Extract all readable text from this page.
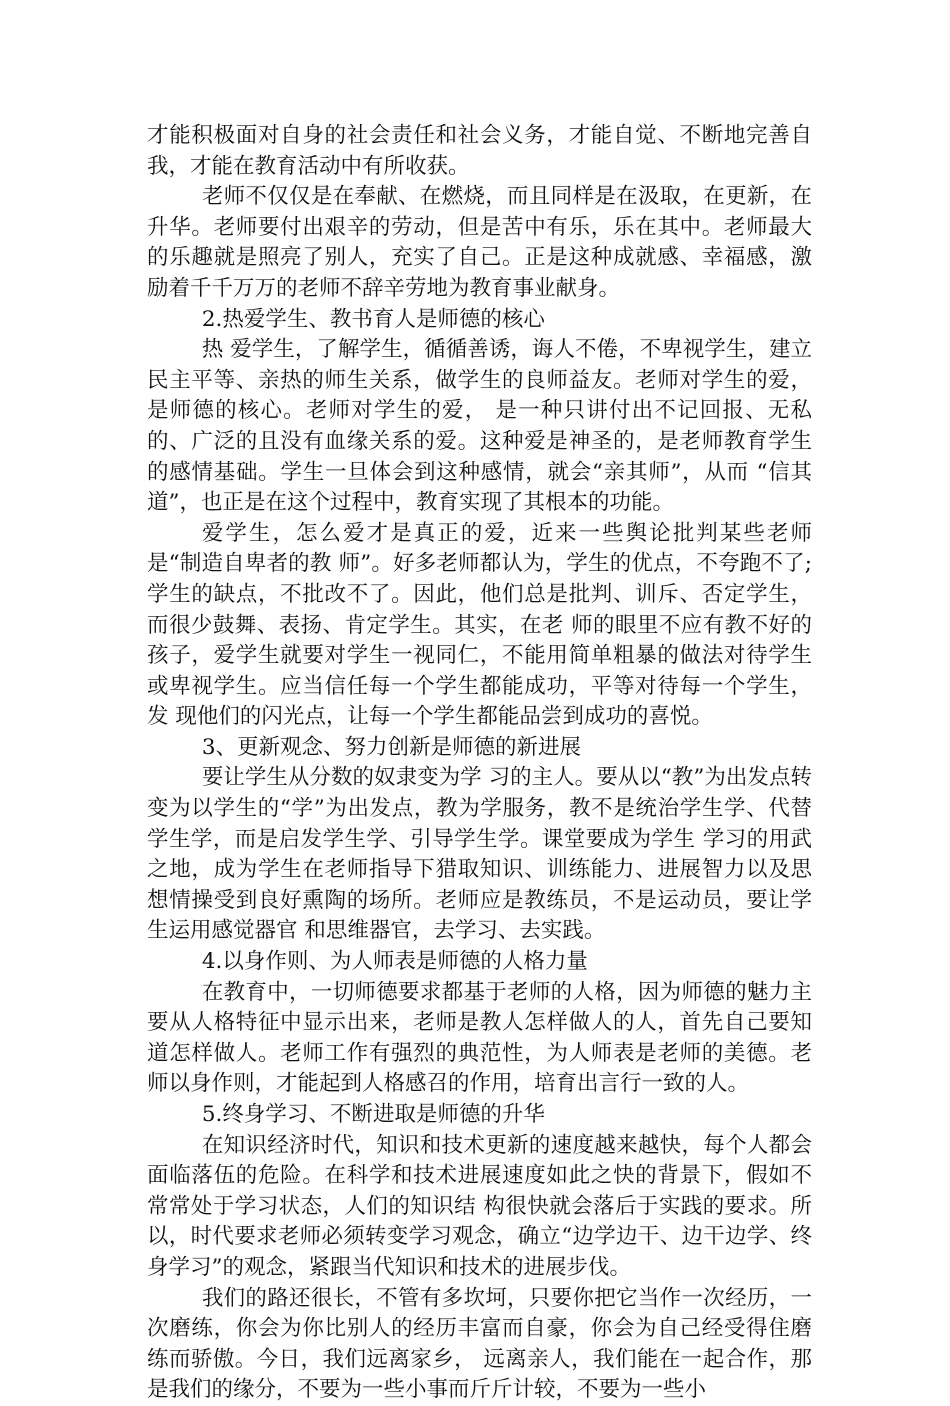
才能积极面对自身的社会责任和社会义务，才能自觉、不断地完善自我，才能在教育活动中有所收获。

老师不仅仅是在奉献、在燃烧，而且同样是在汲取，在更新，在升华。老师要付出艰辛的劳动，但是苦中有乐，乐在其中。老师最大的乐趣就是照亮了别人，充实了自己。正是这种成就感、幸福感，激励着千千万万的老师不辞辛劳地为教育事业献身。

2.热爱学生、教书育人是师德的核心

热 爱学生，了解学生，循循善诱，诲人不倦，不卑视学生，建立民主平等、亲热的师生关系，做学生的良师益友。老师对学生的爱，是师德的核心。老师对学生的爱， 是一种只讲付出不记回报、无私的、广泛的且没有血缘关系的爱。这种爱是神圣的，是老师教育学生的感情基础。学生一旦体会到这种感情，就会“亲其师”，从而 “信其道”，也正是在这个过程中，教育实现了其根本的功能。

爱学生，怎么爱才是真正的爱，近来一些舆论批判某些老师是“制造自卑者的教 师”。好多老师都认为，学生的优点，不夸跑不了;学生的缺点，不批改不了。因此，他们总是批判、训斥、否定学生，而很少鼓舞、表扬、肯定学生。其实，在老 师的眼里不应有教不好的孩子，爱学生就要对学生一视同仁，不能用简单粗暴的做法对待学生或卑视学生。应当信任每一个学生都能成功，平等对待每一个学生，发 现他们的闪光点，让每一个学生都能品尝到成功的喜悦。

3、更新观念、努力创新是师德的新进展

要让学生从分数的奴隶变为学 习的主人。要从以“教”为出发点转变为以学生的“学”为出发点，教为学服务，教不是统治学生学、代替学生学，而是启发学生学、引导学生学。课堂要成为学生 学习的用武之地，成为学生在老师指导下猎取知识、训练能力、进展智力以及思想情操受到良好熏陶的场所。老师应是教练员，不是运动员，要让学生运用感觉器官 和思维器官，去学习、去实践。

4.以身作则、为人师表是师德的人格力量

在教育中，一切师德要求都基于老师的人格，因为师德的魅力主要从人格特征中显示出来，老师是教人怎样做人的人，首先自己要知道怎样做人。老师工作有强烈的典范性，为人师表是老师的美德。老师以身作则，才能起到人格感召的作用，培育出言行一致的人。

5.终身学习、不断进取是师德的升华

在知识经济时代，知识和技术更新的速度越来越快，每个人都会面临落伍的危险。在科学和技术进展速度如此之快的背景下，假如不常常处于学习状态，人们的知识结 构很快就会落后于实践的要求。所以，时代要求老师必须转变学习观念，确立“边学边干、边干边学、终身学习”的观念，紧跟当代知识和技术的进展步伐。

我们的路还很长，不管有多坎坷，只要你把它当作一次经历，一次磨练，你会为你比别人的经历丰富而自豪，你会为自己经受得住磨练而骄傲。今日，我们远离家乡， 远离亲人，我们能在一起合作，那是我们的缘分，不要为一些小事而斤斤计较，不要为一些小
